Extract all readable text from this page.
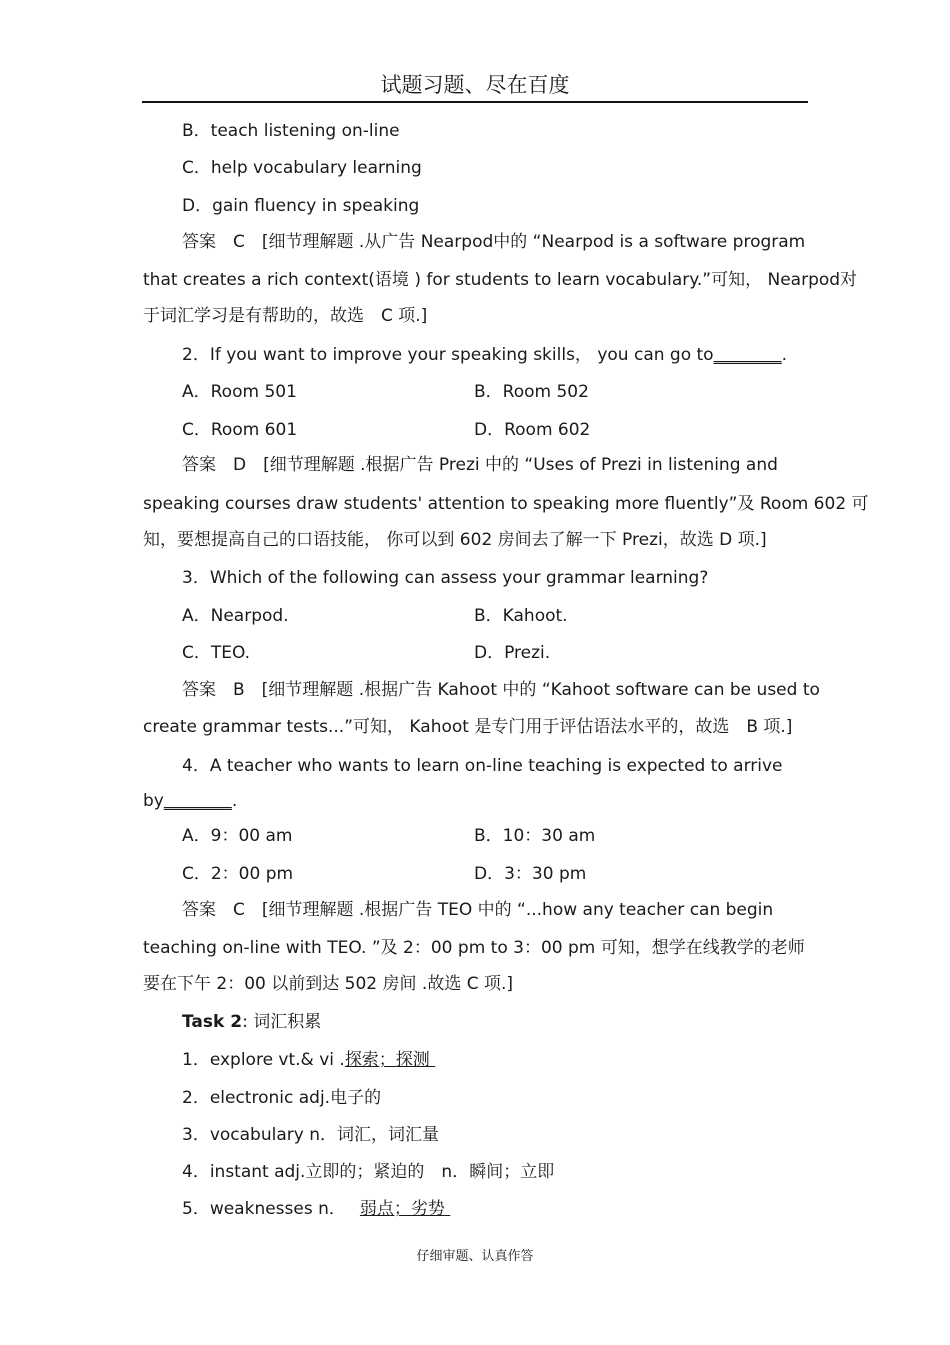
试题习题、尽在百度
B．teach listening on-line
C．help vocabulary learning
D．gain fluency in speaking
答案　C　[细节理解题 .从广告 Nearpod中的 “Nearpod is a software program
that creates a rich context(语境 ) for students to learn vocabulary.”可知， Nearpod对
于词汇学习是有帮助的，故选　C 项.]
2．If you want to improve your speaking skills， you can go to________.
A．Room 501	B．Room 502
C．Room 601	D．Room 602
答案　D　[细节理解题 .根据广告 Prezi 中的 “Uses of Prezi in listening and
speaking courses draw students' attention to speaking more fluently”及 Room 602 可
知，要想提高自己的口语技能， 你可以到 602 房间去了解一下 Prezi，故选 D 项.]
3．Which of the following can assess your grammar learning?
A．Nearpod.	B．Kahoot.
C．TEO.	D．Prezi.
答案　B　[细节理解题 .根据广告 Kahoot 中的 “Kahoot software can be used to
create grammar tests...”可知， Kahoot 是专门用于评估语法水平的，故选　B 项.]
4．A teacher who wants to learn on-line teaching is expected to arrive
by________.
A．9：00 am	B．10：30 am
C．2：00 pm	D．3：30 pm
答案　C　[细节理解题 .根据广告 TEO 中的 “...how any teacher can begin
teaching on-line with TEO. ”及 2：00 pm to 3：00 pm 可知，想学在线教学的老师
要在下午 2：00 以前到达 502 房间 .故选 C 项.]
Task 2: 词汇积累
1．explore vt.& vi .探索；探测
2．electronic adj.电子的
3．vocabulary n．词汇，词汇量
4．instant adj.立即的；紧迫的　n．瞬间；立即
5．weaknesses n． 弱点；劣势
仔细审题、认真作答
